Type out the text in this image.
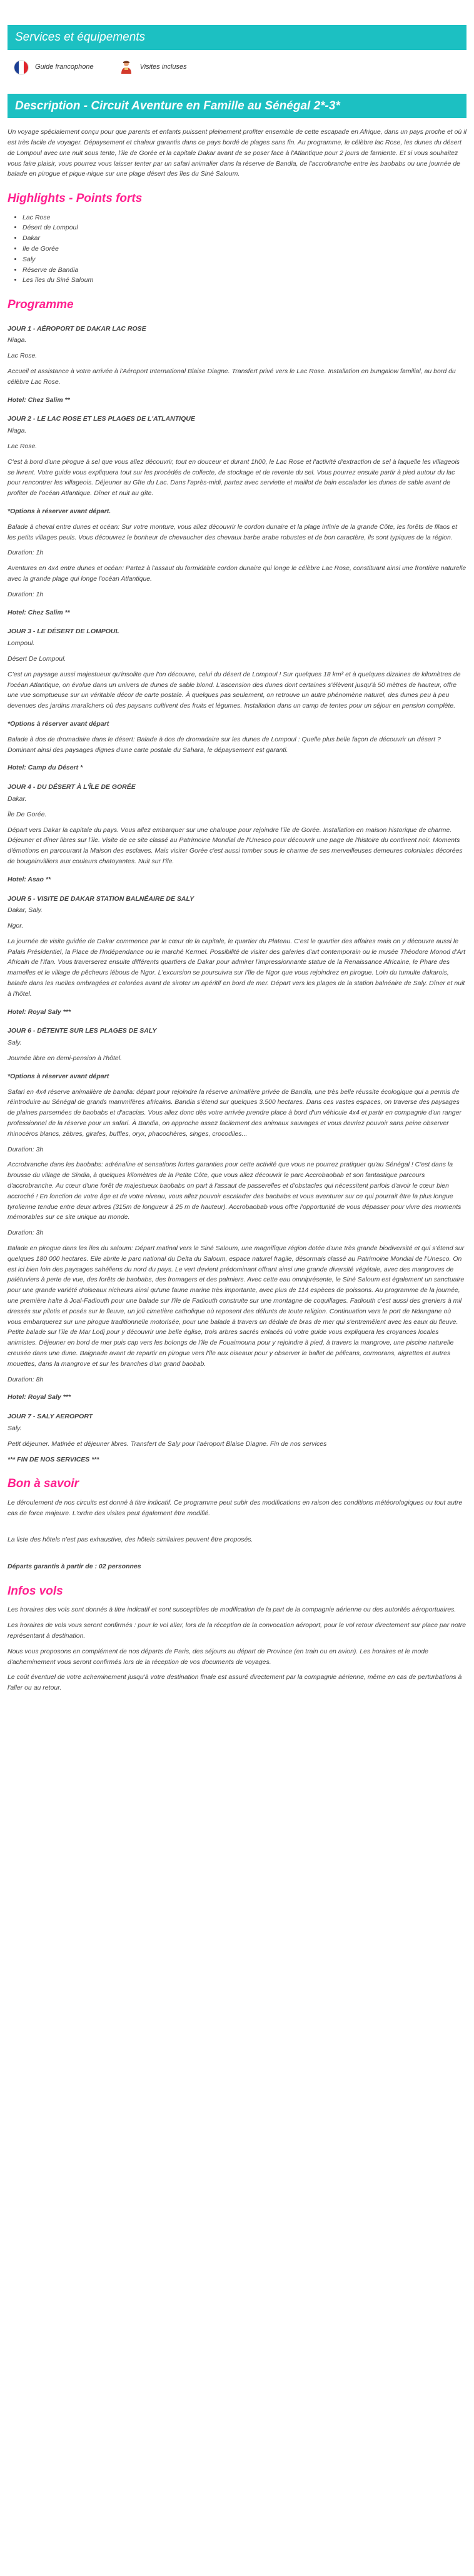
Services et équipements
Guide francophone	Visites incluses
Description - Circuit Aventure en Famille au Sénégal 2*-3*

Un voyage spécialement conçu pour que parents et enfants puissent pleinement profiter ensemble de cette escapade en Afrique, dans un pays proche et où il est très facile de voyager. Dépaysement et chaleur garantis dans ce pays bordé de plages sans fin. Au programme, le célèbre lac Rose, les dunes du désert de Lompoul avec une nuit sous tente, l'île de Gorée et la capitale Dakar avant de se poser face à l'Atlantique pour 2 jours de farniente. Et si vous souhaitez vous faire plaisir, vous pourrez vous laisser tenter par un safari animalier dans la réserve de Bandia, de l'accrobranche entre les baobabs ou une journée de balade en pirogue et pique-nique sur une plage désert des îles du Siné Saloum.

Highlights - Points forts
• Lac Rose
• Désert de Lompoul
• Dakar
• Ile de Gorée
• Saly
• Réserve de Bandia
• Les îles du Siné Saloum
Programme
JOUR 1 - AÉROPORT DE DAKAR LAC ROSE

Niaga.

Lac Rose.

Accueil et assistance à votre arrivée à l'Aéroport International Blaise Diagne. Transfert privé vers le Lac Rose. Installation en bungalow familial, au bord du célèbre Lac Rose.

Hotel: Chez Salim **

JOUR 2 - LE LAC ROSE ET LES PLAGES DE L'ATLANTIQUE

Niaga.

Lac Rose.

C'est à bord d'une pirogue à sel que vous allez découvrir, tout en douceur et durant 1h00, le Lac Rose et l'activité d'extraction de sel à laquelle les villageois se livrent. Votre guide vous expliquera tout sur les procédés de collecte, de stockage et de revente du sel. Vous pourrez ensuite partir à pied autour du lac pour rencontrer les villageois. Déjeuner au Gîte du Lac. Dans l'après-midi, partez avec serviette et maillot de bain escalader les dunes de sable avant de profiter de l'océan Atlantique. Dîner et nuit au gîte.

*Options à réserver avant départ.

Balade à cheval entre dunes et océan: Sur votre monture, vous allez découvrir le cordon dunaire et la plage infinie de la grande Côte, les forêts de filaos et les petits villages peuls. Vous découvrez le bonheur de chevaucher des chevaux barbe arabe robustes et de bon caractère, ils sont typiques de la région.

Duration: 1h

Aventures en 4x4 entre dunes et océan: Partez à l'assaut du formidable cordon dunaire qui longe le célèbre Lac Rose, constituant ainsi une frontière naturelle avec la grande plage qui longe l'océan Atlantique.

Duration: 1h

Hotel: Chez Salim **

JOUR 3 - LE DÉSERT DE LOMPOUL

Lompoul.

Désert De Lompoul.

C'est un paysage aussi majestueux qu'insolite que l'on découvre, celui du désert de Lompoul ! Sur quelques 18 km² et à quelques dizaines de kilomètres de l'océan Atlantique, on évolue dans un univers de dunes de sable blond. L'ascension des dunes dont certaines s'élèvent jusqu'à 50 mètres de hauteur, offre une vue somptueuse sur un véritable décor de carte postale. À quelques pas seulement, on retrouve un autre phénomène naturel, des dunes peu à peu devenues des jardins maraîchers où des paysans cultivent des fruits et légumes. Installation dans un camp de tentes pour un séjour en pension complète.

*Options à réserver avant départ

Balade à dos de dromadaire dans le désert: Balade à dos de dromadaire sur les dunes de Lompoul : Quelle plus belle façon de découvrir un désert ? Dominant ainsi des paysages dignes d'une carte postale du Sahara, le dépaysement est garanti.

Hotel: Camp du Désert *

JOUR 4 - DU DÉSERT À L'ÎLE DE GORÉE

Dakar.

Île De Gorée.

Départ vers Dakar la capitale du pays. Vous allez embarquer sur une chaloupe pour rejoindre l'île de Gorée. Installation en maison historique de charme. Déjeuner et dîner libres sur l'île. Visite de ce site classé au Patrimoine Mondial de l'Unesco pour découvrir une page de l'histoire du continent noir. Moments d'émotions en parcourant la Maison des esclaves. Mais visiter Gorée c'est aussi tomber sous le charme de ses merveilleuses demeures coloniales décorées de bougainvilliers aux couleurs chatoyantes. Nuit sur l'île.

Hotel: Asao **

JOUR 5 - VISITE DE DAKAR STATION BALNÉAIRE DE SALY

Dakar, Saly.

Ngor.

La journée de visite guidée de Dakar commence par le cœur de la capitale, le quartier du Plateau. C'est le quartier des affaires mais on y découvre aussi le Palais Présidentiel, la Place de l'Indépendance ou le marché Kermel. Possibilité de visiter des galeries d'art contemporain ou le musée Théodore Monod d'Art Africain de l'Ifan. Vous traverserez ensuite différents quartiers de Dakar pour admirer l'impressionnante statue de la Renaissance Africaine, le Phare des mamelles et le village de pêcheurs lébous de Ngor. L'excursion se poursuivra sur l'île de Ngor que vous rejoindrez en pirogue. Loin du tumulte dakarois, balade dans les ruelles ombragées et colorées avant de siroter un apéritif en bord de mer. Départ vers les plages de la station balnéaire de Saly. Dîner et nuit à l'hôtel.

Hotel: Royal Saly ***

JOUR 6 - DÉTENTE SUR LES PLAGES DE SALY

Saly.

Journée libre en demi-pension à l'hôtel.

*Options à réserver avant départ

Safari en 4x4 réserve animalière de bandia: départ pour rejoindre la réserve animalière privée de Bandia, une très belle réussite écologique qui a permis de réintroduire au Sénégal de grands mammifères africains. Bandia s'étend sur quelques 3.500 hectares. Dans ces vastes espaces, on traverse des paysages de plaines parsemées de baobabs et d'acacias. Vous allez donc dès votre arrivée prendre place à bord d'un véhicule 4x4 et partir en compagnie d'un ranger professionnel de la réserve pour un safari. À Bandia, on approche assez facilement des animaux sauvages et vous devriez pouvoir sans peine observer rhinocéros blancs, zèbres, girafes, buffles, oryx, phacochères, singes, crocodiles...

Duration: 3h

Accrobranche dans les baobabs: adrénaline et sensations fortes garanties pour cette activité que vous ne pourrez pratiquer qu'au Sénégal ! C'est dans la brousse du village de Sindia, à quelques kilomètres de la Petite Côte, que vous allez découvrir le parc Accrobaobab et son fantastique parcours d'accrobranche. Au cœur d'une forêt de majestueux baobabs on part à l'assaut de passerelles et d'obstacles qui nécessitent parfois d'avoir le cœur bien accroché ! En fonction de votre âge et de votre niveau, vous allez pouvoir escalader des baobabs et vous aventurer sur ce qui pourrait être la plus longue tyrolienne tendue entre deux arbres (315m de longueur à 25 m de hauteur). Accrobaobab vous offre l'opportunité de vous dépasser pour vivre des moments mémorables sur ce site unique au monde.

Duration: 3h

Balade en pirogue dans les îles du saloum: Départ matinal vers le Siné Saloum, une magnifique région dotée d'une très grande biodiversité et qui s'étend sur quelques 180 000 hectares. Elle abrite le parc national du Delta du Saloum, espace naturel fragile, désormais classé au Patrimoine Mondial de l'Unesco. On est ici bien loin des paysages sahéliens du nord du pays. Le vert devient prédominant offrant ainsi une grande diversité végétale, avec des mangroves de palétuviers à perte de vue, des forêts de baobabs, des fromagers et des palmiers. Avec cette eau omniprésente, le Siné Saloum est également un sanctuaire pour une grande variété d'oiseaux nicheurs ainsi qu'une faune marine très importante, avec plus de 114 espèces de poissons. Au programme de la journée, une première halte à Joal-Fadiouth pour une balade sur l'île de Fadiouth construite sur une montagne de coquillages. Fadiouth c'est aussi des greniers à mil dressés sur pilotis et posés sur le fleuve, un joli cimetière catholique où reposent des défunts de toute religion. Continuation vers le port de Ndangane où vous embarquerez sur une pirogue traditionnelle motorisée, pour une balade à travers un dédale de bras de mer qui s'entremêlent avec les eaux du fleuve. Petite balade sur l'île de Mar Lodj pour y découvrir une belle église, trois arbres sacrés enlacés où votre guide vous expliquera les croyances locales animistes. Déjeuner en bord de mer puis cap vers les bolongs de l'île de Fouaimouna pour y rejoindre à pied, à travers la mangrove, une piscine naturelle creusée dans une dune. Baignade avant de repartir en pirogue vers l'île aux oiseaux pour y observer le ballet de pélicans, cormorans, aigrettes et autres mouettes, dans la mangrove et sur les branches d'un grand baobab.

Duration: 8h

Hotel: Royal Saly ***

JOUR 7 - SALY AEROPORT

Saly.

Petit déjeuner. Matinée et déjeuner libres. Transfert de Saly pour l'aéroport Blaise Diagne. Fin de nos services

*** FIN DE NOS SERVICES ***

Bon à savoir

Le déroulement de nos circuits est donné à titre indicatif. Ce programme peut subir des modifications en raison des conditions météorologiques ou tout autre cas de force majeure. L'ordre des visites peut également être modifié.

La liste des hôtels n'est pas exhaustive, des hôtels similaires peuvent être proposés.

Départs garantis à partir de : 02 personnes

Infos vols

Les horaires des vols sont donnés à titre indicatif et sont susceptibles de modification de la part de la compagnie aérienne ou des autorités aéroportuaires.

Les horaires de vols vous seront confirmés : pour le vol aller, lors de la réception de la convocation aéroport, pour le vol retour directement sur place par notre représentant à destination.

Nous vous proposons en complément de nos départs de Paris, des séjours au départ de Province (en train ou en avion). Les horaires et le mode d'acheminement vous seront confirmés lors de la réception de vos documents de voyages.

Le coût éventuel de votre acheminement jusqu'à votre destination finale est assuré directement par la compagnie aérienne, même en cas de perturbations à l'aller ou au retour.
